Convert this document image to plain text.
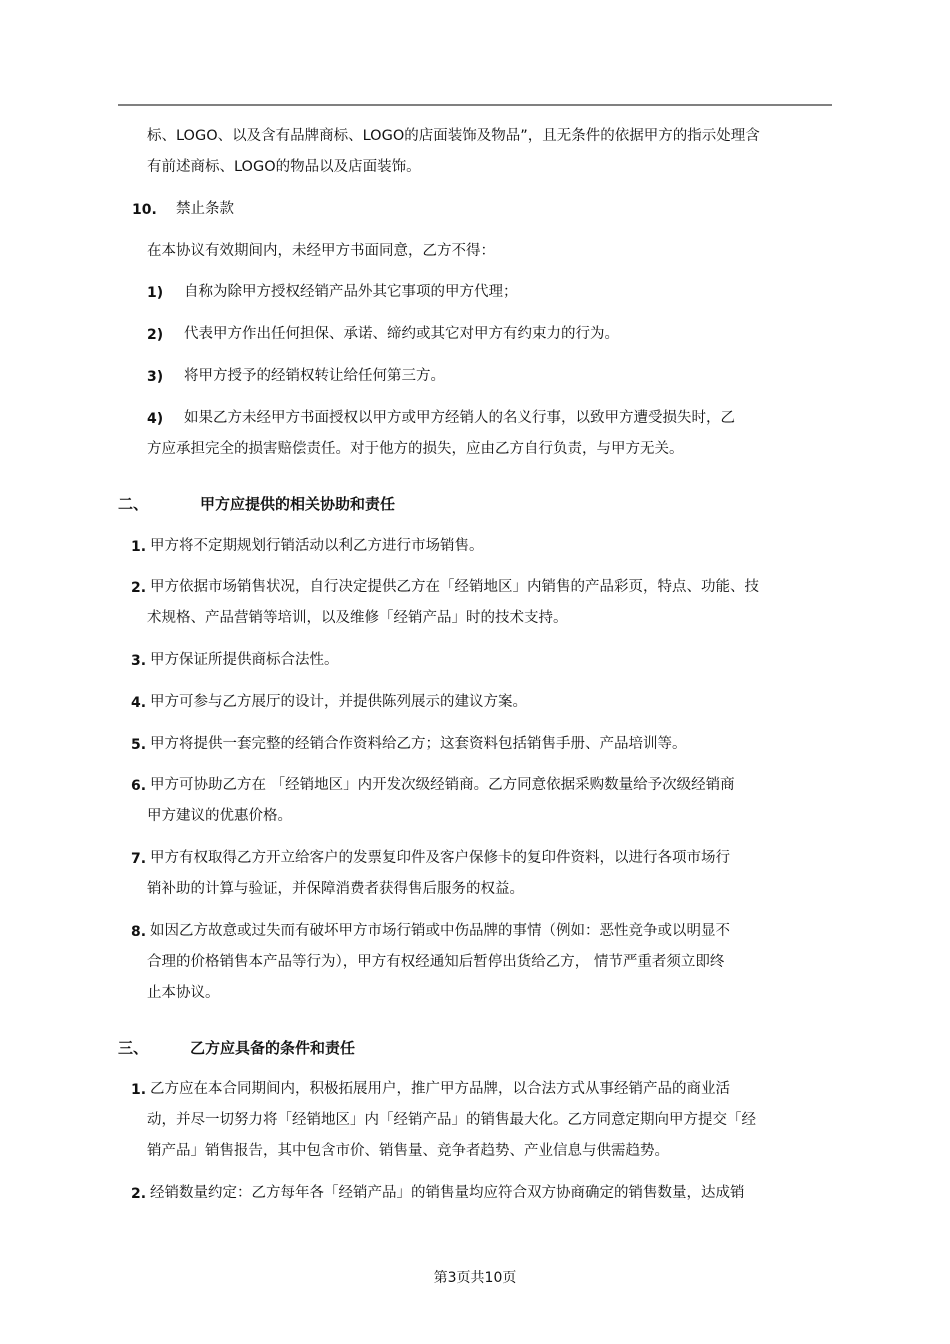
标、LOGO、以及含有品牌商标、LOGO的店面装饰及物品”，且无条件的依据甲方的指示处理含
有前述商标、LOGO的物品以及店面装饰。
10. 禁止条款
在本协议有效期间内，未经甲方书面同意，乙方不得：
1) 自称为除甲方授权经销产品外其它事项的甲方代理；
2) 代表甲方作出任何担保、承诺、缔约或其它对甲方有约束力的行为。
3) 将甲方授予的经销权转让给任何第三方。
4) 如果乙方未经甲方书面授权以甲方或甲方经销人的名义行事，以致甲方遭受损失时，乙
方应承担完全的损害赔偿责任。对于他方的损失，应由乙方自行负责，与甲方无关。
二、	甲方应提供的相关协助和责任
1. 甲方将不定期规划行销活动以利乙方进行市场销售。
2. 甲方依据市场销售状况，自行决定提供乙方在「经销地区」内销售的产品彩页，特点、功能、技
术规格、产品营销等培训，以及维修「经销产品」时的技术支持。
3. 甲方保证所提供商标合法性。
4. 甲方可参与乙方展厅的设计，并提供陈列展示的建议方案。
5. 甲方将提供一套完整的经销合作资料给乙方；这套资料包括销售手册、产品培训等。
6. 甲方可协助乙方在 「经销地区」内开发次级经销商。乙方同意依据采购数量给予次级经销商
甲方建议的优惠价格。
7. 甲方有权取得乙方开立给客户的发票复印件及客户保修卡的复印件资料，以进行各项市场行
销补助的计算与验证，并保障消费者获得售后服务的权益。
8. 如因乙方故意或过失而有破坏甲方市场行销或中伤品牌的事情（例如：恶性竞争或以明显不
合理的价格销售本产品等行为），甲方有权经通知后暂停出货给乙方， 情节严重者须立即终
止本协议。
三、	乙方应具备的条件和责任
1. 乙方应在本合同期间内，积极拓展用户，推广甲方品牌，以合法方式从事经销产品的商业活
动，并尽一切努力将「经销地区」内「经销产品」的销售最大化。乙方同意定期向甲方提交「经
销产品」销售报告，其中包含市价、销售量、竞争者趋势、产业信息与供需趋势。
2. 经销数量约定：乙方每年各「经销产品」的销售量均应符合双方协商确定的销售数量，达成销
第3页共10页
